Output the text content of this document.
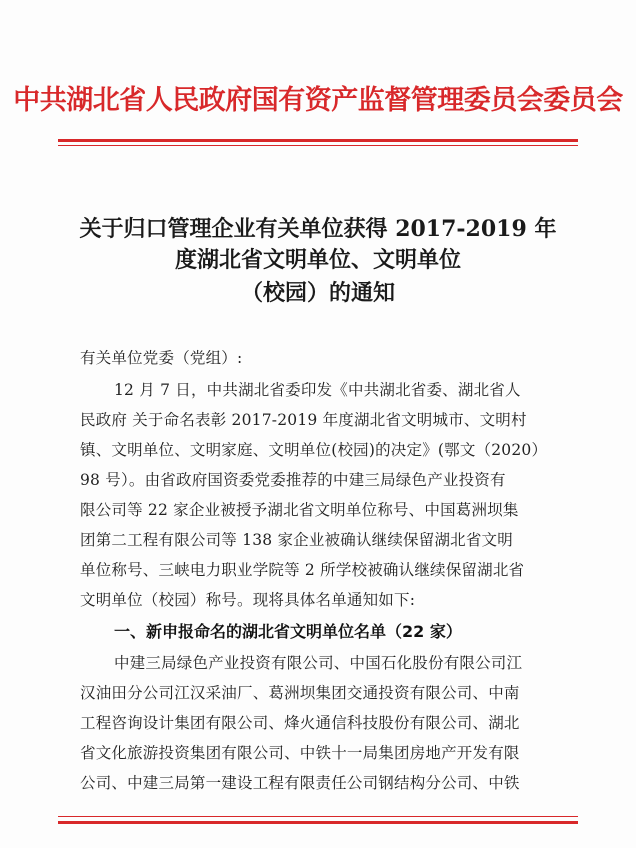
中共湖北省人民政府国有资产监督管理委员会委员会
关于归口管理企业有关单位获得 2017-2019 年
度湖北省文明单位、文明单位
（校园）的通知
有关单位党委（党组）:
12 月 7 日，中共湖北省委印发《中共湖北省委、湖北省人
民政府 关于命名表彰 2017-2019 年度湖北省文明城市、文明村
镇、文明单位、文明家庭、文明单位(校园)的决定》(鄂文（2020）
98 号）。由省政府国资委党委推荐的中建三局绿色产业投资有
限公司等 22 家企业被授予湖北省文明单位称号、中国葛洲坝集
团第二工程有限公司等 138 家企业被确认继续保留湖北省文明
单位称号、三峡电力职业学院等 2 所学校被确认继续保留湖北省
文明单位（校园）称号。现将具体名单通知如下:
一、新申报命名的湖北省文明单位名单（22 家）
中建三局绿色产业投资有限公司、中国石化股份有限公司江
汉油田分公司江汉采油厂、葛洲坝集团交通投资有限公司、中南
工程咨询设计集团有限公司、烽火通信科技股份有限公司、湖北
省文化旅游投资集团有限公司、中铁十一局集团房地产开发有限
公司、中建三局第一建设工程有限责任公司钢结构分公司、中铁
